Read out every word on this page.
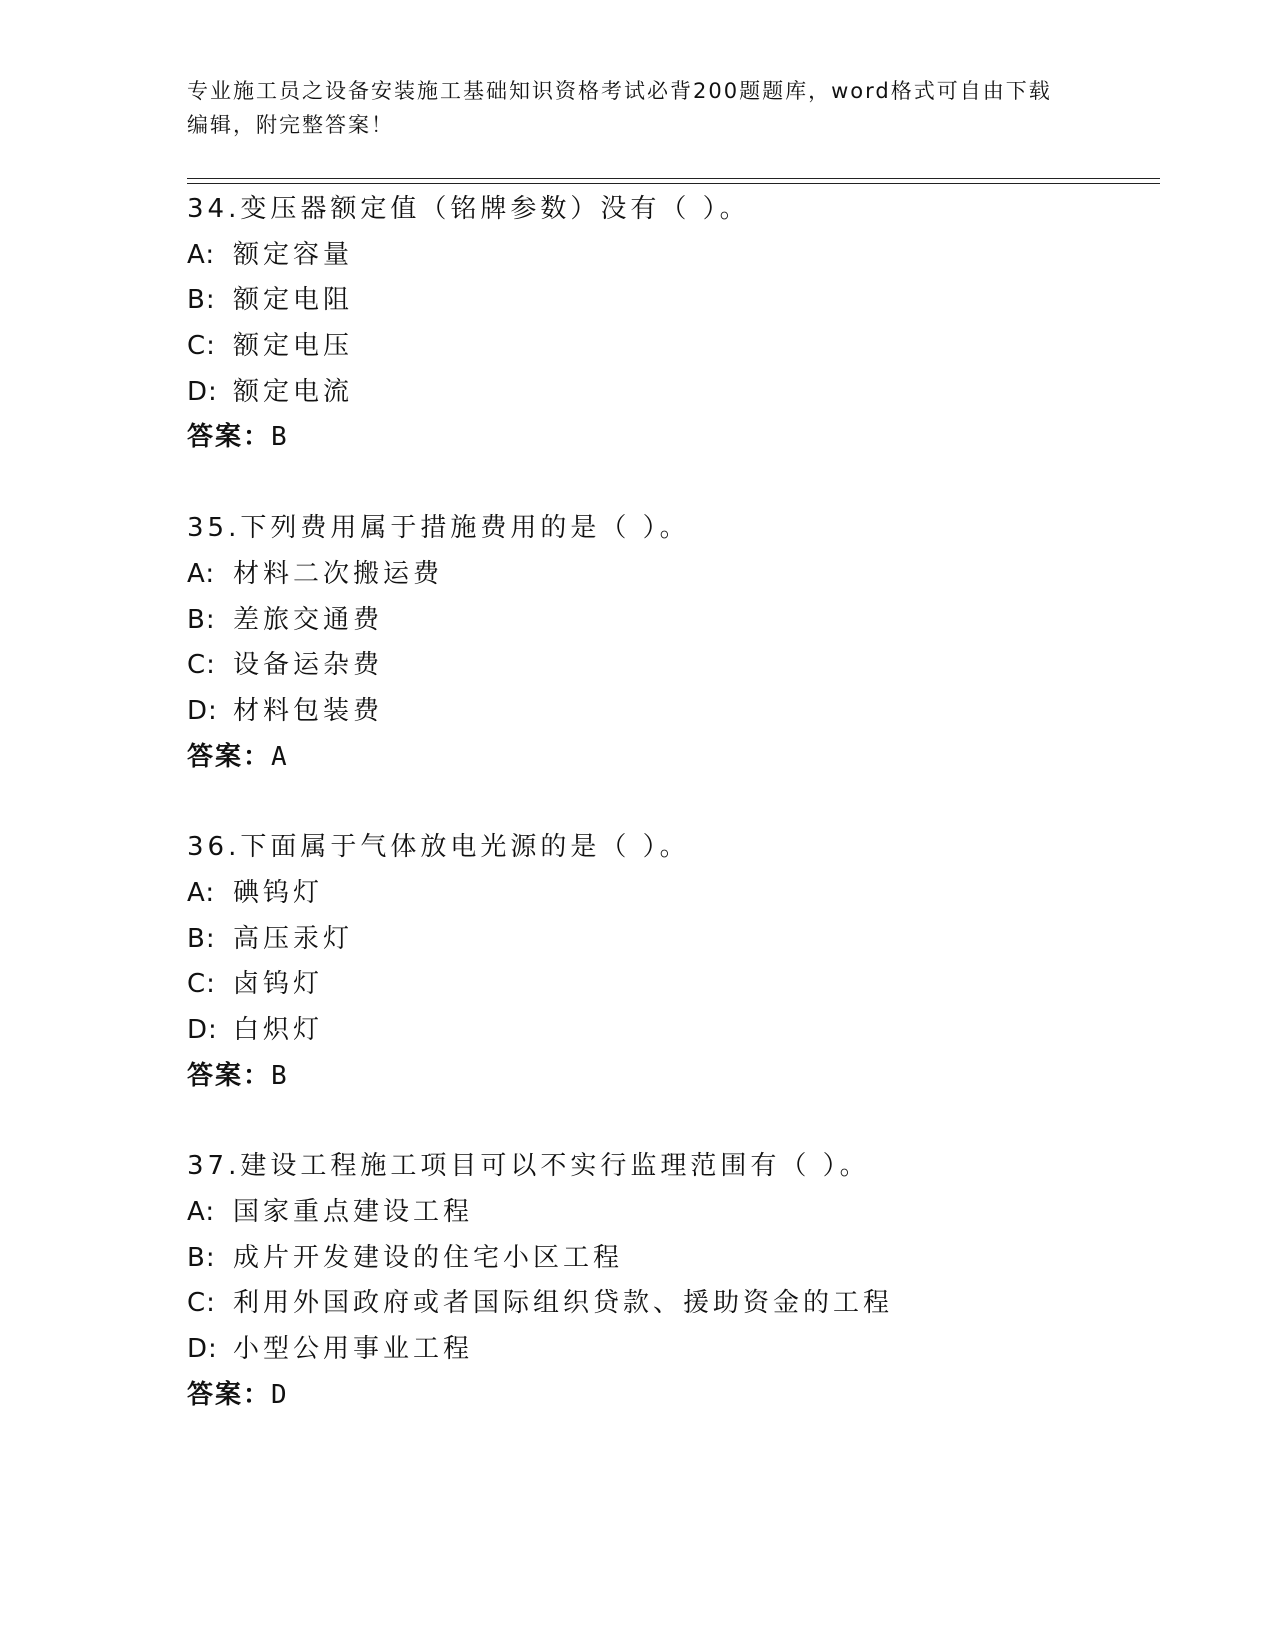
专业施工员之设备安装施工基础知识资格考试必背200题题库，word格式可自由下载编辑，附完整答案！
34.变压器额定值（铭牌参数）没有（ ）。
A: 额定容量
B: 额定电阻
C: 额定电压
D: 额定电流
答案：B
35.下列费用属于措施费用的是（ ）。
A: 材料二次搬运费
B: 差旅交通费
C: 设备运杂费
D: 材料包装费
答案：A
36.下面属于气体放电光源的是（ ）。
A: 碘钨灯
B: 高压汞灯
C: 卤钨灯
D: 白炽灯
答案：B
37.建设工程施工项目可以不实行监理范围有（ ）。
A: 国家重点建设工程
B: 成片开发建设的住宅小区工程
C: 利用外国政府或者国际组织贷款、援助资金的工程
D: 小型公用事业工程
答案：D
